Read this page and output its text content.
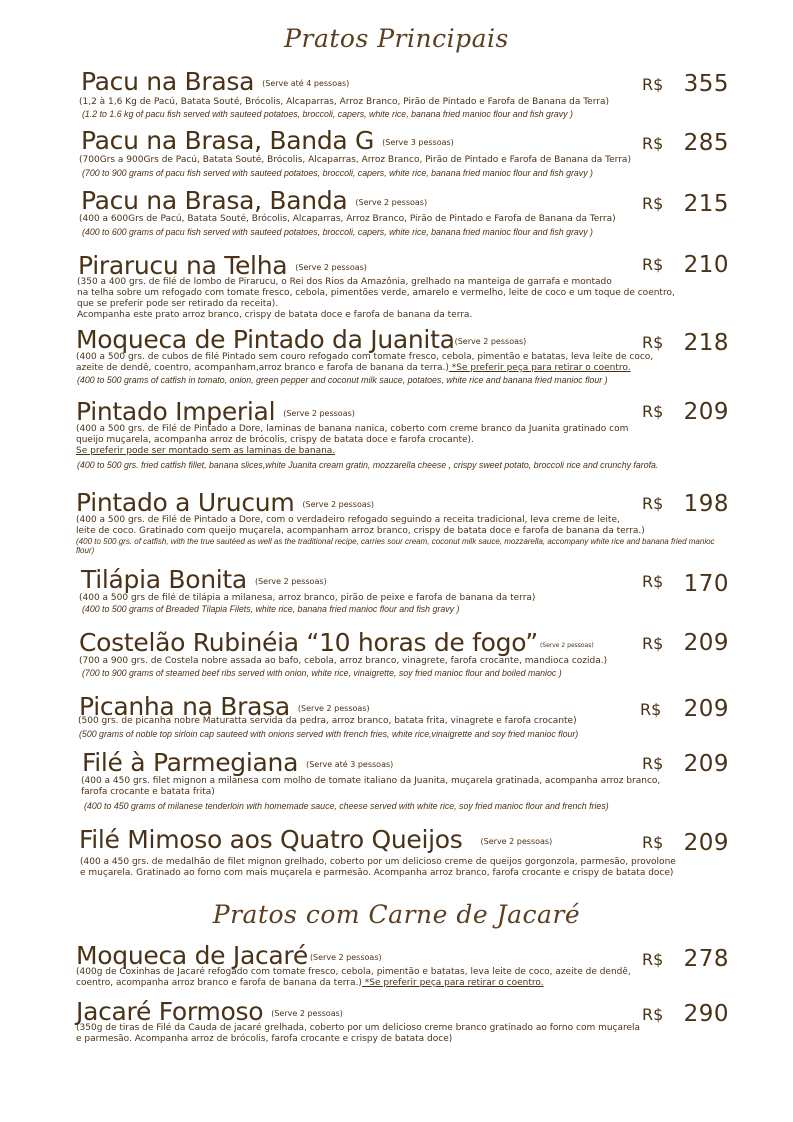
Pratos Principais
Pacu na Brasa (Serve até 4 pessoas)	R$ 355
(1,2 à 1,6 Kg de Pacú, Batata Souté, Brócolis, Alcaparras, Arroz Branco, Pirão de Pintado e Farofa de Banana da Terra)
(1.2 to 1.6 kg of pacu fish served with sauteed potatoes, broccoli, capers, white rice, banana fried manioc flour and fish gravy )
Pacu na Brasa, Banda G (Serve 3 pessoas)	R$ 285
(700Grs a 900Grs de Pacú, Batata Souté, Brócolis, Alcaparras, Arroz Branco, Pirão de Pintado e Farofa de Banana da Terra)
(700 to 900 grams of pacu fish served with sauteed potatoes, broccoli, capers, white rice, banana fried manioc flour and fish gravy )
Pacu na Brasa, Banda (Serve 2 pessoas)	R$ 215
(400 a 600Grs de Pacú, Batata Souté, Brócolis, Alcaparras, Arroz Branco, Pirão de Pintado e Farofa de Banana da Terra)
(400 to 600 grams of pacu fish served with sauteed potatoes, broccoli, capers, white rice, banana fried manioc flour and fish gravy )
Pirarucu na Telha (Serve 2 pessoas)	R$ 210
(350 a 400 grs. de filé de lombo de Pirarucu, o Rei dos Rios da Amazônia, grelhado na manteiga de garrafa e montado
na telha sobre um refogado com tomate fresco, cebola, pimentões verde, amarelo e vermelho, leite de coco e um toque de coentro,
que se preferir pode ser retirado da receita).
Acompanha este prato arroz branco, crispy de batata doce e farofa de banana da terra.
Moqueca de Pintado da Juanita(Serve 2 pessoas)	R$ 218
(400 a 500 grs. de cubos de filé Pintado sem couro refogado com tomate fresco, cebola, pimentão e batatas, leva leite de coco,
azeite de dendê, coentro, acompanham,arroz branco e farofa de banana da terra.) *Se preferir peça para retirar o coentro.
(400 to 500 grams of catfish in tomato, onion, green pepper and coconut milk sauce, potatoes, white rice and banana fried manioc flour )
Pintado Imperial (Serve 2 pessoas)	R$ 209
(400 a 500 grs. de Filé de Pintado a Dore, laminas de banana nanica, coberto com creme branco da Juanita gratinado com
queijo muçarela, acompanha arroz de brócolis, crispy de batata doce e farofa crocante).
Se preferir pode ser montado sem as laminas de banana.
(400 to 500 grs. fried catfish fillet, banana slices,white Juanita cream gratin, mozzarella cheese , crispy sweet potato, broccoli rice and crunchy farofa.
Pintado a Urucum (Serve 2 pessoas)	R$ 198
(400 a 500 grs. de Filé de Pintado a Dore, com o verdadeiro refogado seguindo a receita tradicional, leva creme de leite,
leite de coco. Gratinado com queijo muçarela, acompanham arroz branco, crispy de batata doce e farofa de banana da terra.)
(400 to 500 grs. of catfish, with the true sautéed as well as the traditional recipe, carries sour cream, coconut milk sauce, mozzarella, accompany white rice and banana fried manioc flour)
Tilápia Bonita (Serve 2 pessoas)	R$ 170
(400 a 500 grs de filé de tilápia a milanesa, arroz branco, pirão de peixe e farofa de banana da terra)
(400 to 500 grams of Breaded Tilapia Filets, white rice, banana fried manioc flour and fish gravy )
Costelão Rubinéia “10 horas de fogo” (Serve 2 pessoas)	R$ 209
(700 a 900 grs. de Costela nobre assada ao bafo, cebola, arroz branco, vinagrete, farofa crocante, mandioca cozida.)
(700 to 900 grams of steamed beef ribs served with onion, white rice, vinaigrette, soy fried manioc flour and boiled manioc )
Picanha na Brasa (Serve 2 pessoas)	R$ 209
(500 grs. de picanha nobre Maturatta servida da pedra, arroz branco, batata frita, vinagrete e farofa crocante)
(500 grams of noble top sirloin cap sauteed with onions served with french fries, white rice,vinaigrette and soy fried manioc flour)
Filé à Parmegiana (Serve até 3 pessoas)	R$ 209
(400 a 450 grs. filet mignon a milanesa com molho de tomate italiano da Juanita, muçarela gratinada, acompanha arroz branco,
farofa crocante e batata frita)
(400 to 450 grams of milanese tenderloin with homemade sauce, cheese served with white rice, soy fried manioc flour and french fries)
Filé Mimoso aos Quatro Queijos (Serve 2 pessoas)	R$ 209
(400 a 450 grs. de medalhão de filet mignon grelhado, coberto por um delicioso creme de queijos gorgonzola, parmesão, provolone
e muçarela. Gratinado ao forno com mais muçarela e parmesão. Acompanha arroz branco, farofa crocante e crispy de batata doce)
Pratos com Carne de Jacaré
Moqueca de Jacaré (Serve 2 pessoas)	R$ 278
(400g de Coxinhas de Jacaré refogado com tomate fresco, cebola, pimentão e batatas, leva leite de coco, azeite de dendê,
coentro, acompanha arroz branco e farofa de banana da terra.) *Se preferir peça para retirar o coentro.
Jacaré Formoso (Serve 2 pessoas)	R$ 290
(350g de tiras de Filé da Cauda de jacaré grelhada, coberto por um delicioso creme branco gratinado ao forno com muçarela
e parmesão. Acompanha arroz de brócolis, farofa crocante e crispy de batata doce)
